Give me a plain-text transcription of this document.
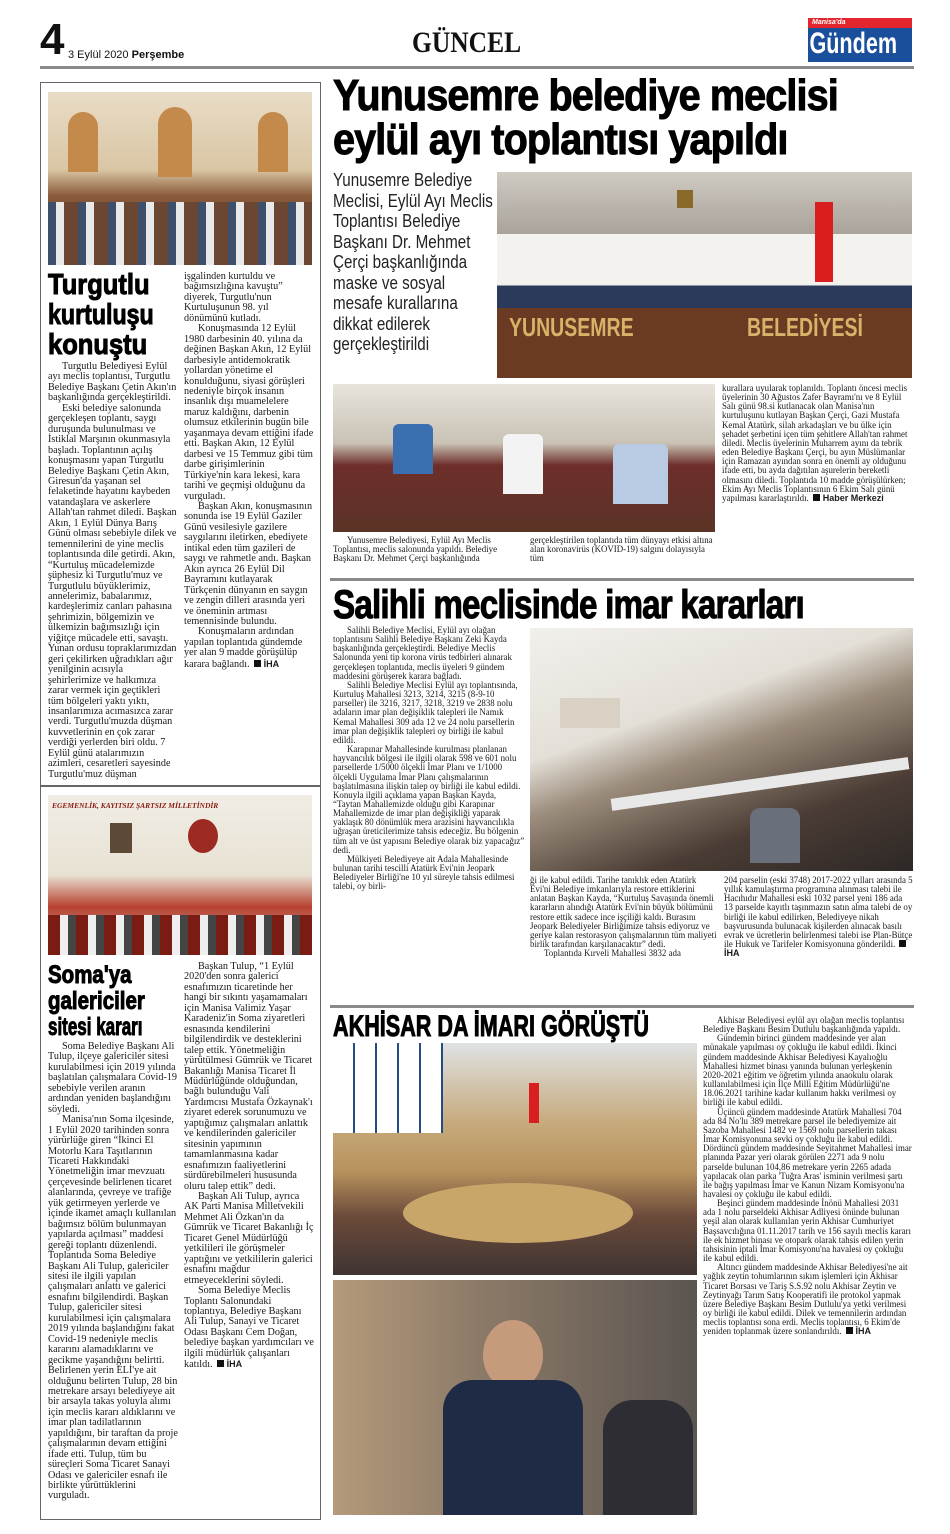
4 3 Eylül 2020 Perşembe	GÜNCEL
Manisa'da
Gündem
Turgutlu
kurtuluşu
konuştu

Turgutlu Belediyesi Eylül ayı meclis toplantısı, Turgutlu Belediye Başkanı Çetin Akın'ın başkanlığında gerçekleştirildi.

Eski belediye salonunda gerçekleşen toplantı, saygı duruşunda bulunulması ve İstiklal Marşının okunmasıyla başladı. Toplantının açılış konuşmasını yapan Turgutlu Belediye Başkanı Çetin Akın, Giresun'da yaşanan sel felaketinde hayatını kaybeden vatandaşlara ve askerlere Allah'tan rahmet diledi. Başkan Akın, 1 Eylül Dünya Barış Günü olması sebebiyle dilek ve temennilerini de yine meclis toplantısında dile getirdi. Akın, “Kurtuluş mücadelemizde şüphesiz ki Turgutlu'muz ve Turgutlulu büyüklerimiz, annelerimiz, babalarımız, kardeşlerimiz canları pahasına şehrimizin, bölgemizin ve ülkemizin bağımsızlığı için yiğitçe mücadele etti, savaştı. Yunan ordusu topraklarımızdan geri çekilirken uğradıkları ağır yenilginin acısıyla şehirlerimize ve halkımıza zarar vermek için geçtikleri tüm bölgeleri yaktı yıktı, insanlarımıza acımasızca zarar verdi. Turgutlu'muzda düşman kuvvetlerinin en çok zarar verdiği yerlerden biri oldu. 7 Eylül günü atalarımızın azimleri, cesaretleri sayesinde Turgutlu'muz düşman işgalinden kurtuldu ve bağımsızlığına kavuştu” diyerek, Turgutlu'nun Kurtuluşunun 98. yıl dönümünü kutladı.

Konuşmasında 12 Eylül 1980 darbesinin 40. yılına da değinen Başkan Akın, 12 Eylül darbesiyle antidemokratik yollardan yönetime el konulduğunu, siyasi görüşleri nedeniyle birçok insanın insanlık dışı muamelelere maruz kaldığını, darbenin olumsuz etkilerinin bugün bile yaşanmaya devam ettiğini ifade etti. Başkan Akın, 12 Eylül darbesi ve 15 Temmuz gibi tüm darbe girişimlerinin Türkiye'nin kara lekesi, kara tarihi ve geçmişi olduğunu da vurguladı.

Başkan Akın, konuşmasının sonunda ise 19 Eylül Gaziler Günü vesilesiyle gazilere saygılarını iletirken, ebediyete intikal eden tüm gazileri de saygı ve rahmetle andı. Başkan Akın ayrıca 26 Eylül Dil Bayramını kutlayarak Türkçenin dünyanın en saygın ve zengin dilleri arasında yeri ve öneminin artması temennisinde bulundu.

Konuşmaların ardından yapılan toplantıda gündemde yer alan 9 madde görüşülüp karara bağlandı. İHA

EGEMENLİK, KAYITSIZ ŞARTSIZ MİLLETİNDİR

Soma Belediye Başkanı Ali Tulup, ilçeye galericiler sitesi kurulabilmesi için 2019 yılında başlatılan çalışmalara Covid-19 sebebiyle verilen aranın ardından yeniden başlandığını söyledi.

Manisa'nın Soma ilçesinde, 1 Eylül 2020 tarihinden sonra yürürlüğe giren “İkinci El Motorlu Kara Taşıtlarının Ticareti Hakkındaki Yönetmeliğin imar mevzuatı çerçevesinde belirlenen ticaret alanlarında, çevreye ve trafiğe yük getirmeyen yerlerde ve içinde ikamet amaçlı kullanılan bağımsız bölüm bulunmayan yapılarda açılması” maddesi gereği toplantı düzenlendi. Toplantıda Soma Belediye Başkanı Ali Tulup, galericiler sitesi ile ilgili yapılan çalışmaları anlattı ve galerici esnafını bilgilendirdi. Başkan Tulup, galericiler sitesi kurulabilmesi için çalışmalara 2019 yılında başlandığını fakat Covid-19 nedeniyle meclis kararını alamadıklarını ve gecikme yaşandığını belirtti. Belirlenen yerin ELİ'ye ait olduğunu belirten Tulup, 28 bin metrekare arsayı belediyeye ait bir arsayla takas yoluyla alımı için meclis kararı aldıklarını ve imar plan tadilatlarının yapıldığını, bir taraftan da proje çalışmalarının devam ettiğini ifade etti. Tulup, tüm bu süreçleri Soma Ticaret Sanayi Odası ve galericiler esnafı ile birlikte yürüttüklerini vurguladı.

Başkan Tulup, “1 Eylül 2020'den sonra galerici esnafımızın ticaretinde her hangi bir sıkıntı yaşamamaları için Manisa Valimiz Yaşar Karadeniz'in Soma ziyaretleri esnasında kendilerini bilgilendirdik ve desteklerini talep ettik. Yönetmeliğin yürütülmesi Gümrük ve Ticaret Bakanlığı Manisa Ticaret İl Müdürlüğünde olduğundan, bağlı bulunduğu Vali Yardımcısı Mustafa Özkaynak'ı ziyaret ederek sorunumuzu ve yaptığımız çalışmaları anlattık ve kendilerinden galericiler sitesinin yapımının tamamlanmasına kadar esnafımızın faaliyetlerini sürdürebilmeleri hususunda oluru talep ettik” dedi.

Başkan Ali Tulup, ayrıca AK Parti Manisa Milletvekili Mehmet Ali Özkan'ın da Gümrük ve Ticaret Bakanlığı İç Ticaret Genel Müdürlüğü yetkilileri ile görüşmeler yaptığını ve yetkililerin galerici esnafını mağdur etmeyeceklerini söyledi.

Soma Belediye Meclis Toplantı Salonundaki toplantıya, Belediye Başkanı Ali Tulup, Sanayi ve Ticaret Odası Başkanı Cem Doğan, belediye başkan yardımcıları ve ilgili müdürlük çalışanları katıldı. İHA

Soma'ya
galericiler
sitesi kararı
Yunusemre belediye meclisi
eylül ayı toplantısı yapıldı
Yunusemre Belediye Meclisi, Eylül Ayı Meclis Toplantısı Belediye Başkanı Dr. Mehmet Çerçi başkanlığında maske ve sosyal mesafe kurallarına dikkat edilerek gerçekleştirildi
YUNUSEMRE	BELEDİYESİ

Yunusemre Belediyesi, Eylül Ayı Meclis Toplantısı, meclis salonunda yapıldı. Belediye Başkanı Dr. Mehmet Çerçi başkanlığında gerçekleştirilen toplantıda tüm dünyayı etkisi altına alan koronavirüs (KOVID-19) salgını dolayısıyla tüm

kurallara uyularak toplanıldı. Toplantı öncesi meclis üyelerinin 30 Ağustos Zafer Bayramı'nı ve 8 Eylül Salı günü 98.si kutlanacak olan Manisa'nın kurtuluşunu kutlayan Başkan Çerçi, Gazi Mustafa Kemal Atatürk, silah arkadaşları ve bu ülke için şehadet şerbetini içen tüm şehitlere Allah'tan rahmet diledi. Meclis üyelerinin Muharrem ayını da tebrik eden Belediye Başkanı Çerçi, bu ayın Müslümanlar için Ramazan ayından sonra en önemli ay olduğunu ifade etti, bu ayda dağıtılan aşurelerin bereketli olmasını diledi. Toplantıda 10 madde görüşülürken; Ekim Ayı Meclis Toplantısının 6 Ekim Salı günü yapılması kararlaştırıldı. Haber Merkezi
Salihli meclisinde imar kararları

Salihli Belediye Meclisi, Eylül ayı olağan toplantısını Salihli Belediye Başkanı Zeki Kayda başkanlığında gerçekleştirdi. Belediye Meclis Salonunda yeni tip korona virüs tedbirleri alınarak gerçekleşen toplantıda, meclis üyeleri 9 gündem maddesini görüşerek karara bağladı.

Salihli Belediye Meclisi Eylül ayı toplantısında, Kurtuluş Mahallesi 3213, 3214, 3215 (8-9-10 parseller) ile 3216, 3217, 3218, 3219 ve 2838 nolu adaların imar plan değişiklik talepleri ile Namık Kemal Mahallesi 309 ada 12 ve 24 nolu parsellerin imar plan değişiklik talepleri oy birliği ile kabul edildi.

Karapınar Mahallesinde kurulması planlanan hayvancılık bölgesi ile ilgili olarak 598 ve 601 nolu parsellerde 1/5000 ölçekli İmar Planı ve 1/1000 ölçekli Uygulama İmar Planı çalışmalarının başlatılmasına ilişkin talep oy birliği ile kabul edildi. Konuyla ilgili açıklama yapan Başkan Kayda, “Taytan Mahallemizde olduğu gibi Karapınar Mahallemizde de imar plan değişikliği yaparak yaklaşık 80 dönümlük mera arazisini hayvancılıkla uğraşan üreticilerimize tahsis edeceğiz. Bu bölgenin tüm alt ve üst yapısını Belediye olarak biz yapacağız” dedi.

Mülkiyeti Belediyeye ait Adala Mahallesinde bulunan tarihi tescilli Atatürk Evi'nin Jeopark Belediyeler Birliği'ne 10 yıl süreyle tahsis edilmesi talebi, oy birli-

ği ile kabul edildi. Tarihe tanıklık eden Atatürk Evi'ni Belediye imkanlarıyla restore ettiklerini anlatan Başkan Kayda, “Kurtuluş Savaşında önemli kararların alındığı Atatürk Evi'nin büyük bölümünü restore ettik sadece ince işçiliği kaldı. Burasını Jeopark Belediyeler Birliğimize tahsis ediyoruz ve geriye kalan restorasyon çalışmalarının tüm maliyeti birlik tarafından karşılanacaktır” dedi.

Toplantıda Kırveli Mahallesi 3832 ada

204 parselin (eski 3748) 2017-2022 yılları arasında 5 yıllık kamulaştırma programına alınması talebi ile Hacıhıdır Mahallesi eski 1032 parsel yeni 186 ada 13 parselde kayıtlı taşınmazın satın alma talebi de oy birliği ile kabul edilirken, Belediyeye nikah başvurusunda bulunacak kişilerden alınacak basılı evrak ve ücretlerin belirlenmesi talebi ise Plan-Bütçe ile Hukuk ve Tarifeler Komisyonuna gönderildi.İHA
AKHİSAR DA İMARI GÖRÜŞTÜ	Akhisar Belediyesi eylül ayı olağan meclis toplantısı Belediye Başkanı Besim Dutlulu başkanlığında yapıldı.

Gündemin birinci gündem maddesinde yer alan münakale yapılması oy çokluğu ile kabul edildi. İkinci gündem maddesinde Akhisar Belediyesi Kayalıoğlu Mahallesi hizmet binası yanında bulunan yerleşkenin 2020-2021 eğitim ve öğretim yılında anaokulu olarak kullanılabilmesi için İlçe Milli Eğitim Müdürlüğü'ne 18.06.2021 tarihine kadar kullanım hakkı verilmesi oy birliği ile kabul edildi.

Üçüncü gündem maddesinde Atatürk Mahallesi 704 ada 84 No'lu 389 metrekare parsel ile belediyemize ait Sazoba Mahallesi 1482 ve 1569 nolu parsellerin takası İmar Komisyonuna sevki oy çokluğu ile kabul edildi. Dördüncü gündem maddesinde Seyitahmet Mahallesi imar planında Pazar yeri olarak görülen 2271 ada 9 nolu parselde bulunan 104,86 metrekare yerin 2265 adada yapılacak olan parka 'Tuğra Aras' isminin verilmesi şartı ile bağış yapılması İmar ve Kanun Nizam Komisyonu'na havalesi oy çokluğu ile kabul edildi.

Beşinci gündem maddesinde İnönü Mahallesi 2031 ada 1 nolu parseldeki Akhisar Adliyesi önünde bulunan yeşil alan olarak kullanılan yerin Akhisar Cumhuriyet Başsavcılığına 01.11.2017 tarih ve 156 sayılı meclis kararı ile ek hizmet binası ve otopark olarak tahsis edilen yerin tahsisinin iptali İmar Komisyonu'na havalesi oy çokluğu ile kabul edildi.

Altıncı gündem maddesinde Akhisar Belediyesi'ne ait yağlık zeytin tohumlarının sıkım işlemleri için Akhisar Ticaret Borsası ve Tariş S.S.92 nolu Akhisar Zeytin ve Zeytinyağı Tarım Satış Kooperatifi ile protokol yapmak üzere Belediye Başkanı Besim Dutlulu'ya yetki verilmesi oy birliği ile kabul edildi. Dilek ve temennilerin ardından meclis toplantısı sona erdi. Meclis toplantısı, 6 Ekim'de yeniden toplanmak üzere sonlandırıldı. İHA
